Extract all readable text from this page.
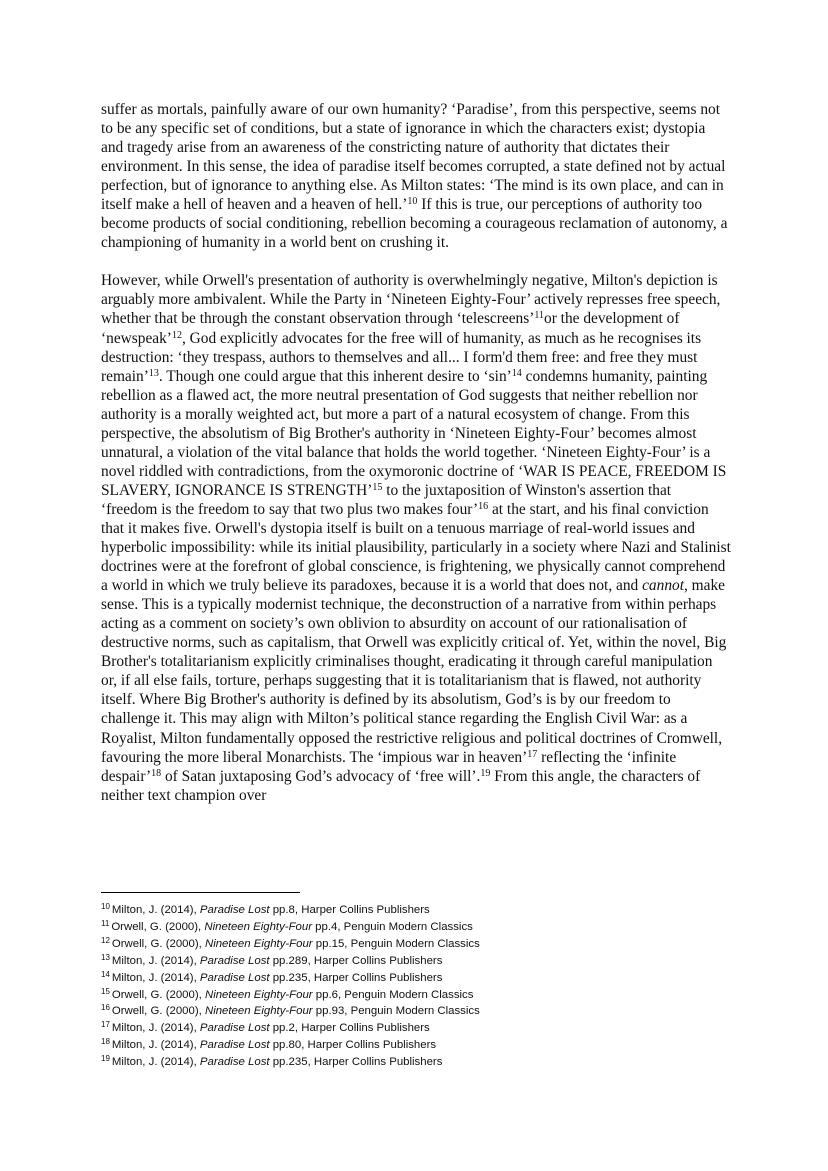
suffer as mortals, painfully aware of our own humanity? ‘Paradise’, from this perspective, seems not to be any specific set of conditions, but a state of ignorance in which the characters exist; dystopia and tragedy arise from an awareness of the constricting nature of authority that dictates their environment. In this sense, the idea of paradise itself becomes corrupted, a state defined not by actual perfection, but of ignorance to anything else. As Milton states: ‘The mind is its own place, and can in itself make a hell of heaven and a heaven of hell.’$^{10}$ If this is true, our perceptions of authority too become products of social conditioning, rebellion becoming a courageous reclamation of autonomy, a championing of humanity in a world bent on crushing it.

However, while Orwell's presentation of authority is overwhelmingly negative, Milton's depiction is arguably more ambivalent. While the Party in ‘Nineteen Eighty-Four’ actively represses free speech, whether that be through the constant observation through ‘telescreens’$^{11}$or the development of ‘newspeak’$^{12}$, God explicitly advocates for the free will of humanity, as much as he recognises its destruction: ‘they trespass, authors to themselves and all... I form'd them free: and free they must remain’$^{13}$. Though one could argue that this inherent desire to ‘sin’$^{14}$ condemns humanity, painting rebellion as a flawed act, the more neutral presentation of God suggests that neither rebellion nor authority is a morally weighted act, but more a part of a natural ecosystem of change. From this perspective, the absolutism of Big Brother's authority in ‘Nineteen Eighty-Four’ becomes almost unnatural, a violation of the vital balance that holds the world together. ‘Nineteen Eighty-Four’ is a novel riddled with contradictions, from the oxymoronic doctrine of ‘WAR IS PEACE, FREEDOM IS SLAVERY, IGNORANCE IS STRENGTH’$^{15}$ to the juxtaposition of Winston's assertion that ‘freedom is the freedom to say that two plus two makes four’$^{16}$ at the start, and his final conviction that it makes five. Orwell's dystopia itself is built on a tenuous marriage of real-world issues and hyperbolic impossibility: while its initial plausibility, particularly in a society where Nazi and Stalinist doctrines were at the forefront of global conscience, is frightening, we physically cannot comprehend a world in which we truly believe its paradoxes, because it is a world that does not, and cannot, make sense. This is a typically modernist technique, the deconstruction of a narrative from within perhaps acting as a comment on society’s own oblivion to absurdity on account of our rationalisation of destructive norms, such as capitalism, that Orwell was explicitly critical of. Yet, within the novel, Big Brother's totalitarianism explicitly criminalises thought, eradicating it through careful manipulation or, if all else fails, torture, perhaps suggesting that it is totalitarianism that is flawed, not authority itself. Where Big Brother's authority is defined by its absolutism, God’s is by our freedom to challenge it. This may align with Milton’s political stance regarding the English Civil War: as a Royalist, Milton fundamentally opposed the restrictive religious and political doctrines of Cromwell, favouring the more liberal Monarchists. The ‘impious war in heaven’$^{17}$ reflecting the ‘infinite despair’$^{18}$ of Satan juxtaposing God’s advocacy of ‘free will’.$^{19}$ From this angle, the characters of neither text champion over

$^{10}$ Milton, J. (2014), Paradise Lost pp.8, Harper Collins Publishers
$^{11}$ Orwell, G. (2000), Nineteen Eighty-Four pp.4, Penguin Modern Classics
$^{12}$ Orwell, G. (2000), Nineteen Eighty-Four pp.15, Penguin Modern Classics
$^{13}$ Milton, J. (2014), Paradise Lost pp.289, Harper Collins Publishers
$^{14}$ Milton, J. (2014), Paradise Lost pp.235, Harper Collins Publishers
$^{15}$ Orwell, G. (2000), Nineteen Eighty-Four pp.6, Penguin Modern Classics
$^{16}$ Orwell, G. (2000), Nineteen Eighty-Four pp.93, Penguin Modern Classics
$^{17}$ Milton, J. (2014), Paradise Lost pp.2, Harper Collins Publishers
$^{18}$ Milton, J. (2014), Paradise Lost pp.80, Harper Collins Publishers
$^{19}$ Milton, J. (2014), Paradise Lost pp.235, Harper Collins Publishers
